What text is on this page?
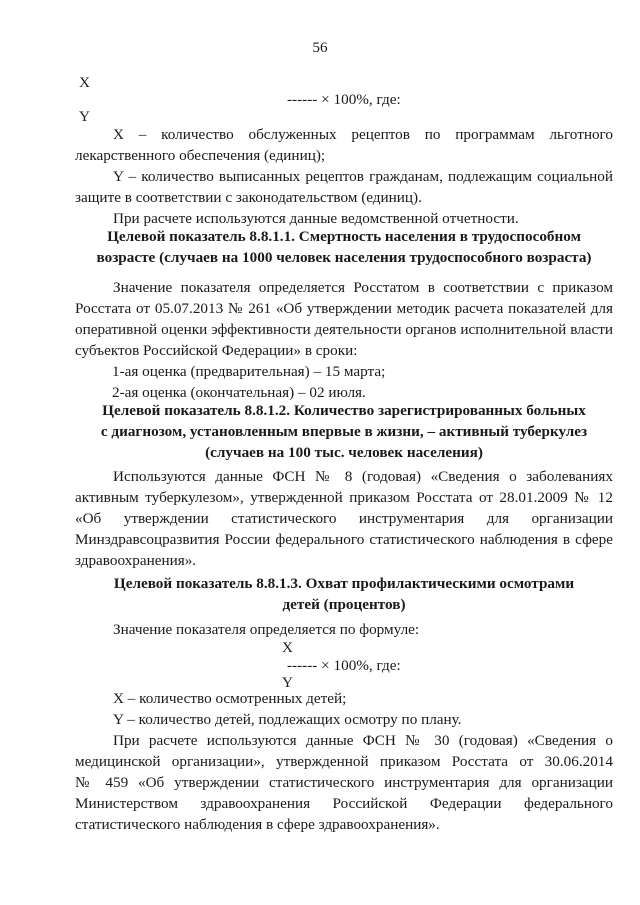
56
X
------ × 100%, где:
Y
X – количество обслуженных рецептов по программам льготного
лекарственного обеспечения (единиц);
Y – количество выписанных рецептов гражданам, подлежащим социальной
защите в соответствии с законодательством (единиц).
При расчете используются данные ведомственной отчетности.
Целевой показатель 8.8.1.1. Смертность населения в трудоспособном
возрасте (случаев на 1000 человек населения трудоспособного возраста)
Значение показателя определяется Росстатом в соответствии с приказом
Росстата от 05.07.2013 № 261 «Об утверждении методик расчета показателей для
оперативной оценки эффективности деятельности органов исполнительной власти
субъектов Российской Федерации» в сроки:
1-ая оценка (предварительная) – 15 марта;
2-ая оценка (окончательная) – 02 июля.
Целевой показатель 8.8.1.2. Количество зарегистрированных больных
с диагнозом, установленным впервые в жизни, – активный туберкулез
(случаев на 100 тыс. человек населения)
Используются данные ФСН № 8 (годовая) «Сведения о заболеваниях
активным туберкулезом», утвержденной приказом Росстата от 28.01.2009 № 12
«Об утверждении статистического инструментария для организации
Минздравсоцразвития России федерального статистического наблюдения в сфере
здравоохранения».
Целевой показатель 8.8.1.3. Охват профилактическими осмотрами
детей (процентов)
Значение показателя определяется по формуле:
X
------ × 100%, где:
Y
X – количество осмотренных детей;
Y – количество детей, подлежащих осмотру по плану.
При расчете используются данные ФСН № 30 (годовая) «Сведения о
медицинской организации», утвержденной приказом Росстата от 30.06.2014
№ 459 «Об утверждении статистического инструментария для организации
Министерством здравоохранения Российской Федерации федерального
статистического наблюдения в сфере здравоохранения».
